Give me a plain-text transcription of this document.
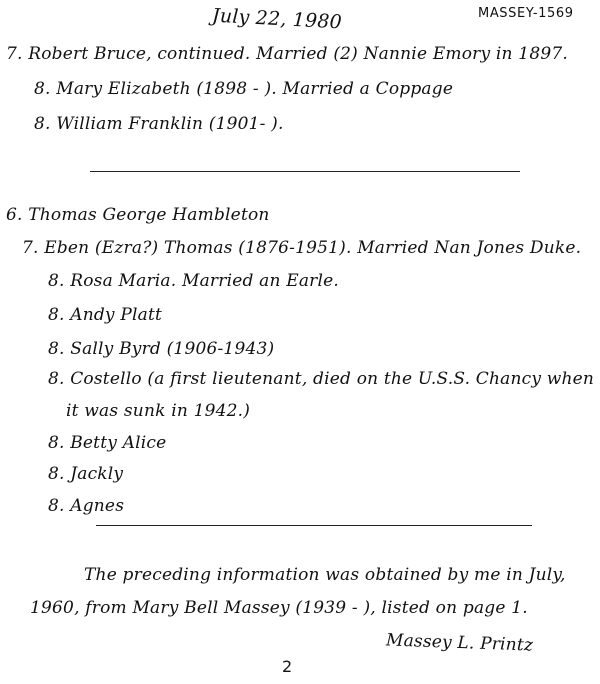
July 22, 1980	MASSEY-1569
7. Robert Bruce, continued. Married (2) Nannie Emory in 1897.
8. Mary Elizabeth (1898 - ). Married a Coppage
8. William Franklin (1901- ).
6. Thomas George Hambleton
7. Eben (Ezra?) Thomas (1876-1951). Married Nan Jones Duke.
8. Rosa Maria. Married an Earle.
8. Andy Platt
8. Sally Byrd (1906-1943)
8. Costello (a first lieutenant, died on the U.S.S. Chancy when
it was sunk in 1942.)
8. Betty Alice
8. Jackly
8. Agnes
The preceding information was obtained by me in July,
1960, from Mary Bell Massey (1939 - ), listed on page 1.
Massey L. Printz
2
